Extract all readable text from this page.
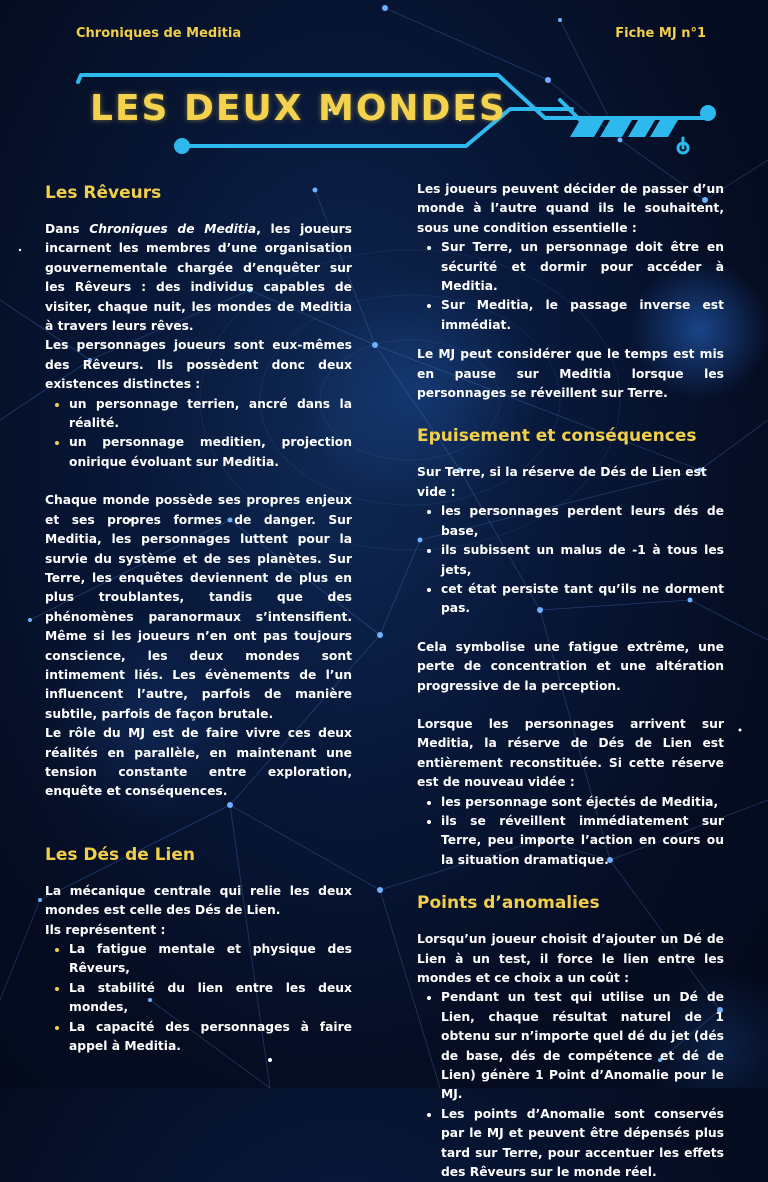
Chroniques de Meditia	Fiche MJ n°1
LES DEUX MONDES
Les Rêveurs

Dans Chroniques de Meditia, les joueurs incarnent les membres d’une organisation gouvernementale chargée d’enquêter sur les Rêveurs : des individus capables de visiter, chaque nuit, les mondes de Meditia à travers leurs rêves.

Les personnages joueurs sont eux-mêmes des Rêveurs. Ils possèdent donc deux existences distinctes :

• un personnage terrien, ancré dans la réalité.
• un personnage meditien, projection onirique évoluant sur Meditia.

Chaque monde possède ses propres enjeux et ses propres formes de danger. Sur Meditia, les personnages luttent pour la survie du système et de ses planètes. Sur Terre, les enquêtes deviennent de plus en plus troublantes, tandis que des phénomènes paranormaux s’intensifient. Même si les joueurs n’en ont pas toujours conscience, les deux mondes sont intimement liés. Les évènements de l’un influencent l’autre, parfois de manière subtile, parfois de façon brutale.

Le rôle du MJ est de faire vivre ces deux réalités en parallèle, en maintenant une tension constante entre exploration, enquête et conséquences.

Les Dés de Lien

La mécanique centrale qui relie les deux mondes est celle des Dés de Lien.

Ils représentent :

• La fatigue mentale et physique des Rêveurs,
• La stabilité du lien entre les deux mondes,
• La capacité des personnages à faire appel à Meditia.

Les joueurs peuvent décider de passer d’un monde à l’autre quand ils le souhaitent, sous une condition essentielle :

• Sur Terre, un personnage doit être en sécurité et dormir pour accéder à Meditia.
• Sur Meditia, le passage inverse est immédiat.

Le MJ peut considérer que le temps est mis en pause sur Meditia lorsque les personnages se réveillent sur Terre.

Epuisement et conséquences

Sur Terre, si la réserve de Dés de Lien est vide :

• les personnages perdent leurs dés de base,
• ils subissent un malus de -1 à tous les jets,
• cet état persiste tant qu’ils ne dorment pas.

Cela symbolise une fatigue extrême, une perte de concentration et une altération progressive de la perception.

Lorsque les personnages arrivent sur Meditia, la réserve de Dés de Lien est entièrement reconstituée. Si cette réserve est de nouveau vidée :

• les personnage sont éjectés de Meditia,
• ils se réveillent immédiatement sur Terre, peu importe l’action en cours ou la situation dramatique.
Points d’anomalies

Lorsqu’un joueur choisit d’ajouter un Dé de Lien à un test, il force le lien entre les mondes et ce choix a un coût :

• Pendant un test qui utilise un Dé de Lien, chaque résultat naturel de 1 obtenu sur n’importe quel dé du jet (dés de base, dés de compétence et dé de Lien) génère 1 Point d’Anomalie pour le MJ.
• Les points d’Anomalie sont conservés par le MJ et peuvent être dépensés plus tard sur Terre, pour accentuer les effets des Rêveurs sur le monde réel.
